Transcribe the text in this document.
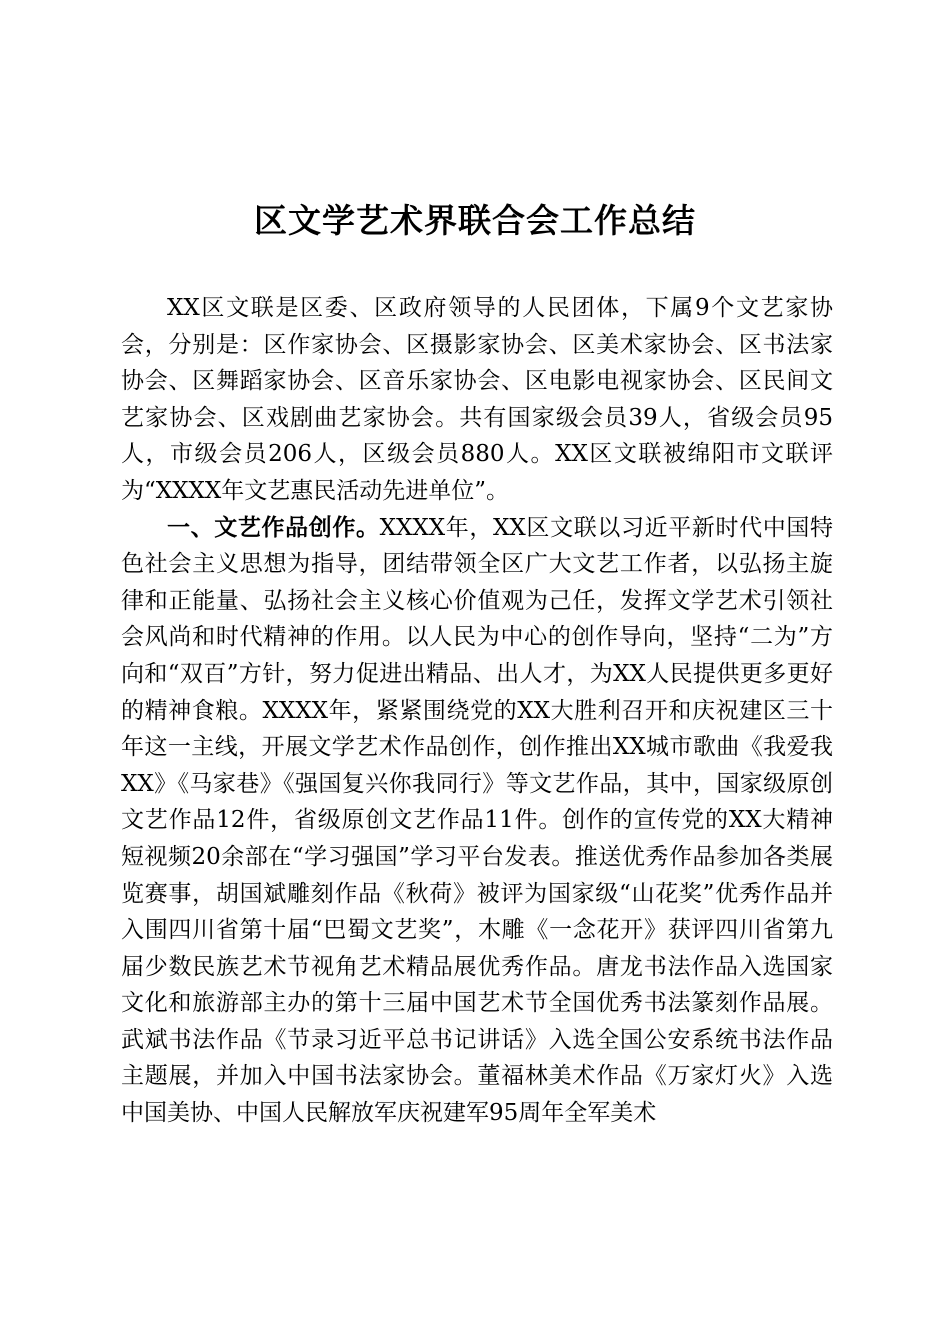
区文学艺术界联合会工作总结

XX区文联是区委、区政府领导的人民团体，下属9个文艺家协会，分别是：区作家协会、区摄影家协会、区美术家协会、区书法家协会、区舞蹈家协会、区音乐家协会、区电影电视家协会、区民间文艺家协会、区戏剧曲艺家协会。共有国家级会员39人，省级会员95人，市级会员206人，区级会员880人。XX区文联被绵阳市文联评为“XXXX年文艺惠民活动先进单位”。

一、文艺作品创作。XXXX年，XX区文联以习近平新时代中国特色社会主义思想为指导，团结带领全区广大文艺工作者，以弘扬主旋律和正能量、弘扬社会主义核心价值观为己任，发挥文学艺术引领社会风尚和时代精神的作用。以人民为中心的创作导向，坚持“二为”方向和“双百”方针，努力促进出精品、出人才，为XX人民提供更多更好的精神食粮。XXXX年，紧紧围绕党的XX大胜利召开和庆祝建区三十年这一主线，开展文学艺术作品创作，创作推出XX城市歌曲《我爱我XX》《马家巷》《强国复兴你我同行》等文艺作品，其中，国家级原创文艺作品12件，省级原创文艺作品11件。创作的宣传党的XX大精神短视频20余部在“学习强国”学习平台发表。推送优秀作品参加各类展览赛事，胡国斌雕刻作品《秋荷》被评为国家级“山花奖”优秀作品并入围四川省第十届“巴蜀文艺奖”，木雕《一念花开》获评四川省第九届少数民族艺术节视角艺术精品展优秀作品。唐龙书法作品入选国家文化和旅游部主办的第十三届中国艺术节全国优秀书法篆刻作品展。武斌书法作品《节录习近平总书记讲话》入选全国公安系统书法作品主题展，并加入中国书法家协会。董福林美术作品《万家灯火》入选中国美协、中国人民解放军庆祝建军95周年全军美术
